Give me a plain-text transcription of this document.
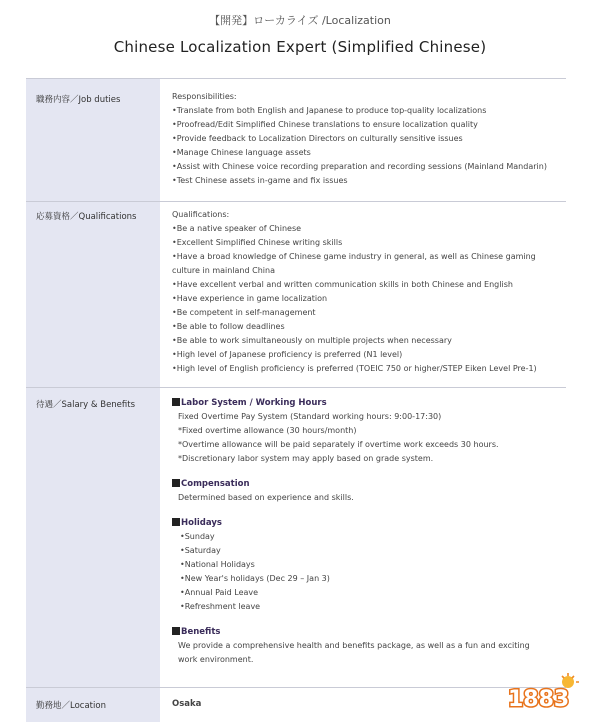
【開発】ローカライズ /Localization
Chinese Localization Expert (Simplified Chinese)
職務内容／Job duties	Responsibilities:
•Translate from both English and Japanese to produce top-quality localizations
•Proofread/Edit Simplified Chinese translations to ensure localization quality
•Provide feedback to Localization Directors on culturally sensitive issues
•Manage Chinese language assets
•Assist with Chinese voice recording preparation and recording sessions (Mainland Mandarin)
•Test Chinese assets in-game and fix issues
応募資格／Qualifications	Qualifications:
•Be a native speaker of Chinese
•Excellent Simplified Chinese writing skills
•Have a broad knowledge of Chinese game industry in general, as well as Chinese gaming culture in mainland China
•Have excellent verbal and written communication skills in both Chinese and English
•Have experience in game localization
•Be competent in self-management
•Be able to follow deadlines
•Be able to work simultaneously on multiple projects when necessary
•High level of Japanese proficiency is preferred (N1 level)
•High level of English proficiency is preferred (TOEIC 750 or higher/STEP Eiken Level Pre-1)
待遇／Salary & Benefits	Labor System / Working Hours
Fixed Overtime Pay System (Standard working hours: 9:00-17:30)
*Fixed overtime allowance (30 hours/month)
*Overtime allowance will be paid separately if overtime work exceeds 30 hours.
*Discretionary labor system may apply based on grade system.
Compensation
Determined based on experience and skills.
Holidays
•Sunday
•Saturday
•National Holidays
•New Year's holidays (Dec 29 – Jan 3)
•Annual Paid Leave
•Refreshment leave
Benefits
We provide a comprehensive health and benefits package, as well as a fun and exciting work environment.
勤務地／Location	Osaka	1883
